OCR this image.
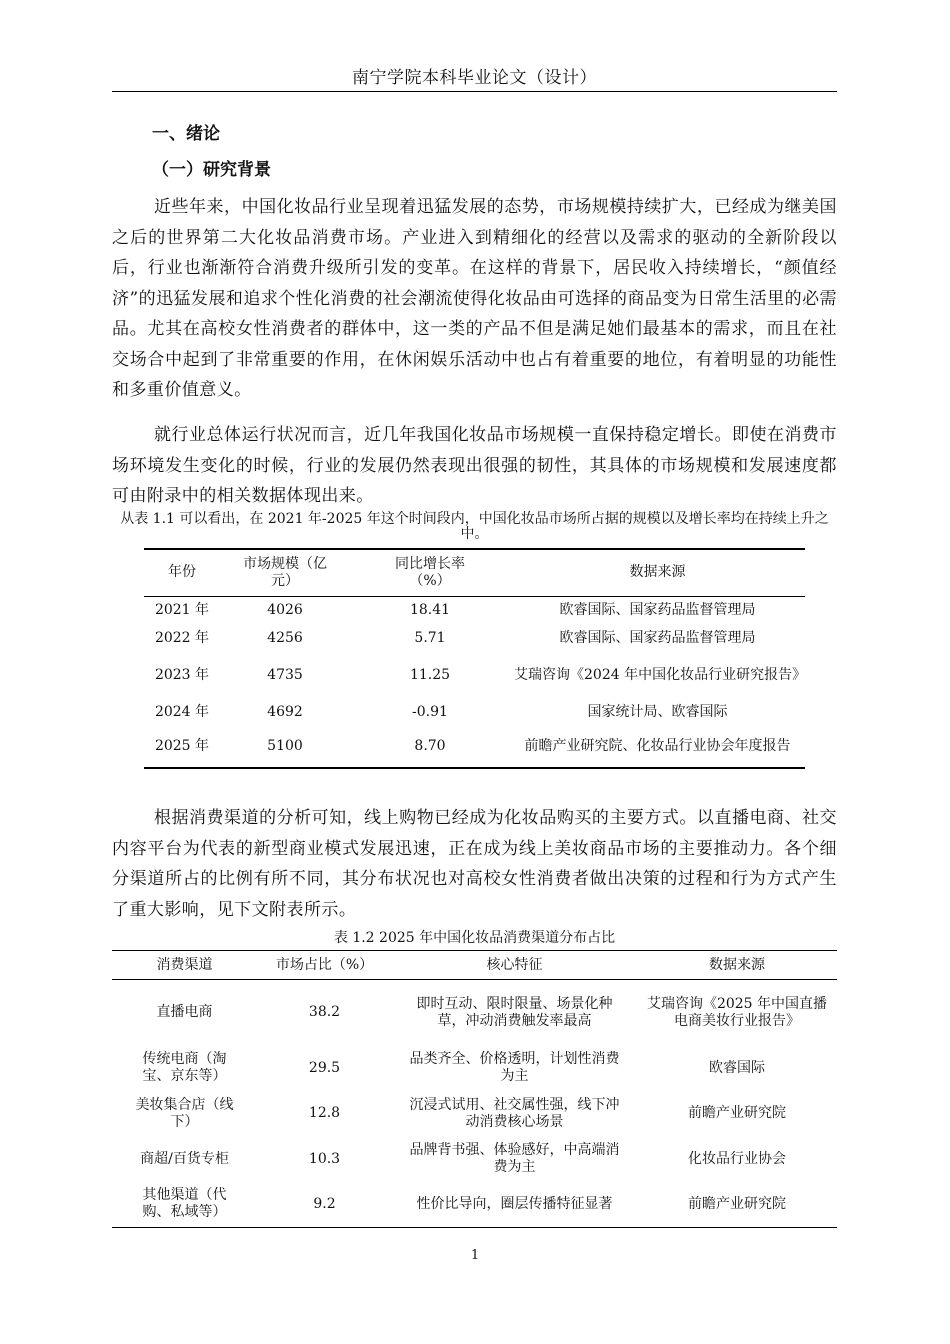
南宁学院本科毕业论文（设计）
一、绪论
（一）研究背景

近些年来，中国化妆品行业呈现着迅猛发展的态势，市场规模持续扩大，已经成为继美国之后的世界第二大化妆品消费市场。产业进入到精细化的经营以及需求的驱动的全新阶段以后，行业也渐渐符合消费升级所引发的变革。在这样的背景下，居民收入持续增长，“颜值经济”的迅猛发展和追求个性化消费的社会潮流使得化妆品由可选择的商品变为日常生活里的必需品。尤其在高校女性消费者的群体中，这一类的产品不但是满足她们最基本的需求，而且在社交场合中起到了非常重要的作用，在休闲娱乐活动中也占有着重要的地位，有着明显的功能性和多重价值意义。

就行业总体运行状况而言，近几年我国化妆品市场规模一直保持稳定增长。即使在消费市场环境发生变化的时候，行业的发展仍然表现出很强的韧性，其具体的市场规模和发展速度都可由附录中的相关数据体现出来。

从表 1.1 可以看出，在 2021 年-2025 年这个时间段内，中国化妆品市场所占据的规模以及增长率均在持续上升之中。
年份	市场规模（亿元）	同比增长率（%）	数据来源
2021 年	4026	18.41	欧睿国际、国家药品监督管理局
2022 年	4256	5.71	欧睿国际、国家药品监督管理局
2023 年	4735	11.25	艾瑞咨询《2024 年中国化妆品行业研究报告》
2024 年	4692	-0.91	国家统计局、欧睿国际
2025 年	5100	8.70	前瞻产业研究院、化妆品行业协会年度报告

根据消费渠道的分析可知，线上购物已经成为化妆品购买的主要方式。以直播电商、社交内容平台为代表的新型商业模式发展迅速，正在成为线上美妆商品市场的主要推动力。各个细分渠道所占的比例有所不同，其分布状况也对高校女性消费者做出决策的过程和行为方式产生了重大影响，见下文附表所示。

表 1.2 2025 年中国化妆品消费渠道分布占比
消费渠道	市场占比（%）	核心特征	数据来源
直播电商	38.2	即时互动、限时限量、场景化种草，冲动消费触发率最高	艾瑞咨询《2025 年中国直播电商美妆行业报告》
传统电商（淘宝、京东等）	29.5	品类齐全、价格透明，计划性消费为主	欧睿国际
美妆集合店（线下）	12.8	沉浸式试用、社交属性强，线下冲动消费核心场景	前瞻产业研究院
商超/百货专柜	10.3	品牌背书强、体验感好，中高端消费为主	化妆品行业协会
其他渠道（代购、私域等）	9.2	性价比导向，圈层传播特征显著	前瞻产业研究院
1
